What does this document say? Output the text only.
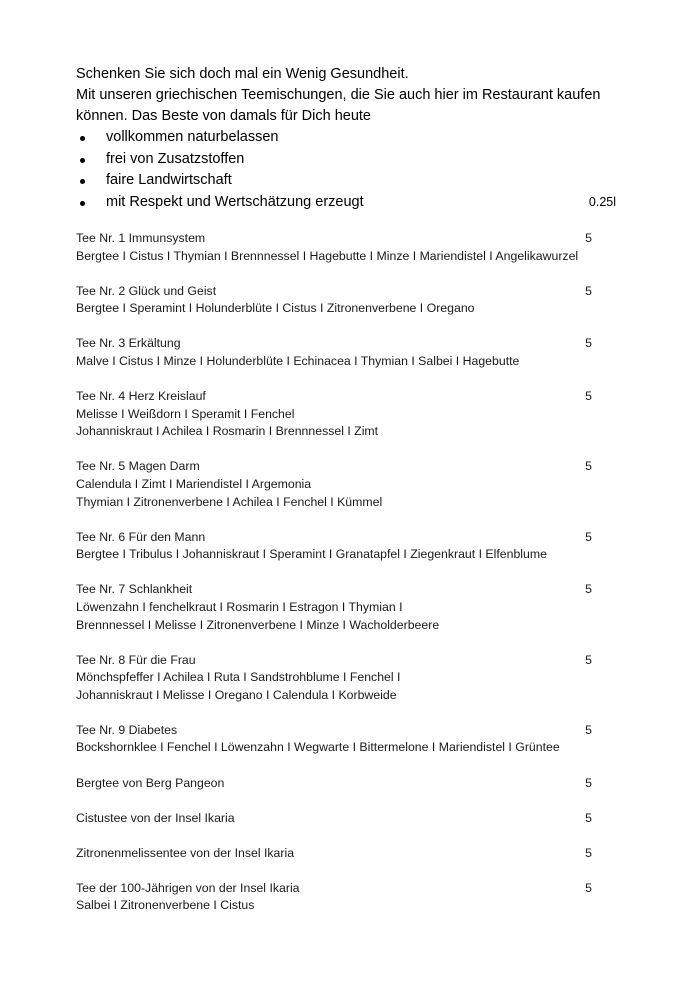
Schenken Sie sich doch mal ein Wenig Gesundheit.

Mit unseren griechischen Teemischungen, die Sie auch hier im Restaurant kaufen können. Das Beste von damals für Dich heute

vollkommen naturbelassen
frei von Zusatzstoffen
faire Landwirtschaft
mit Respekt und Wertschätzung erzeugt	0.25l
Tee Nr. 1 Immunsystem	5
Bergtee I Cistus I Thymian I Brennnessel I Hagebutte I Minze I Mariendistel I Angelikawurzel
Tee Nr. 2 Glück und Geist	5
Bergtee I Speramint I Holunderblüte I Cistus I Zitronenverbene I Oregano
Tee Nr. 3 Erkältung	5
Malve I Cistus I Minze I Holunderblüte I Echinacea I Thymian I Salbei I Hagebutte
Tee Nr. 4 Herz Kreislauf	5
Melisse I Weißdorn I Speramit I Fenchel
Johanniskraut I Achilea I Rosmarin I Brennnessel I Zimt
Tee Nr. 5 Magen Darm	5
Calendula I Zimt I Mariendistel I Argemonia
Thymian I Zitronenverbene I Achilea I Fenchel I Kümmel
Tee Nr. 6 Für den Mann	5
Bergtee I Tribulus I Johanniskraut I Speramint I Granatapfel I Ziegenkraut I Elfenblume
Tee Nr. 7 Schlankheit	5
Löwenzahn I fenchelkraut I Rosmarin I Estragon I Thymian I
Brennnessel I Melisse I Zitronenverbene I Minze I Wacholderbeere
Tee Nr. 8 Für die Frau	5
Mönchspfeffer I Achilea I Ruta I Sandstrohblume I Fenchel I
Johanniskraut I Melisse I Oregano I Calendula I Korbweide
Tee Nr. 9 Diabetes	5
Bockshornklee I Fenchel I Löwenzahn I Wegwarte I Bittermelone I Mariendistel I Grüntee
Bergtee von Berg Pangeon	5
Cistustee von der Insel Ikaria	5
Zitronenmelissentee von der Insel Ikaria	5
Tee der 100-Jährigen von der Insel Ikaria	5
Salbei I Zitronenverbene I Cistus
